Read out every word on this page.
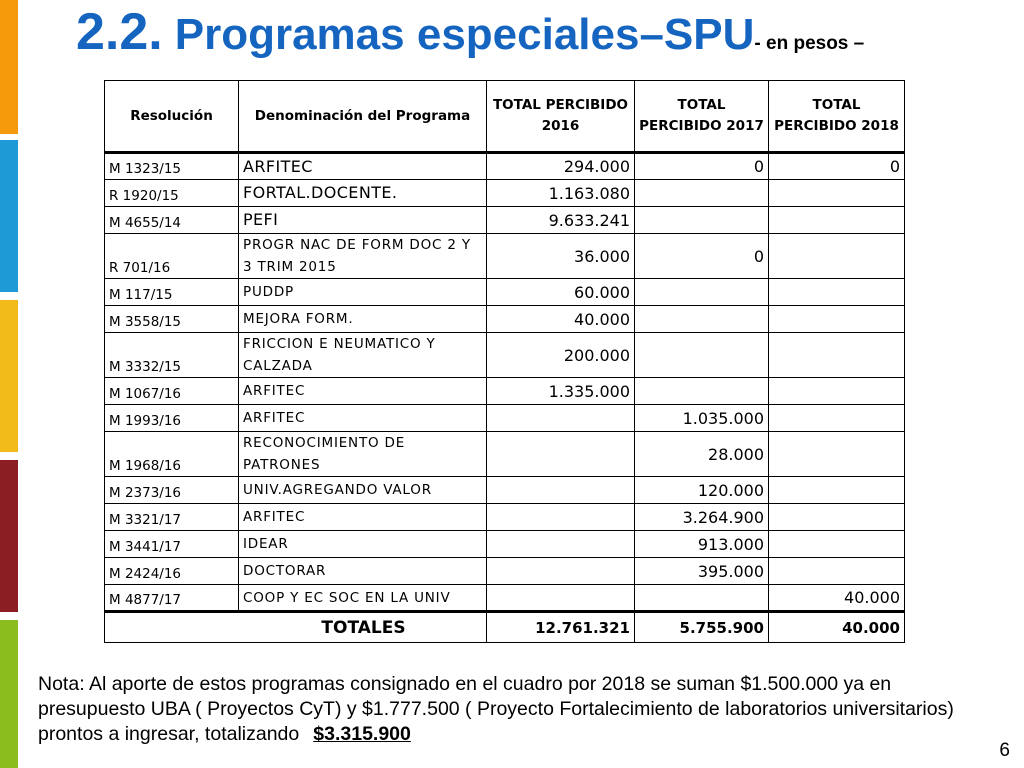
2.2. Programas especiales–SPU- en pesos –
Resolución	Denominación del Programa	TOTAL PERCIBIDO 2016	TOTAL PERCIBIDO 2017	TOTAL PERCIBIDO 2018
M 1323/15	ARFITEC	294.000	0	0
R 1920/15	FORTAL.DOCENTE.	1.163.080		
M 4655/14	PEFI	9.633.241		
R 701/16	PROGR NAC DE FORM DOC 2 Y 3 TRIM 2015	36.000	0	
M 117/15	PUDDP	60.000		
M 3558/15	MEJORA FORM.	40.000		
M 3332/15	FRICCION E NEUMATICO Y CALZADA	200.000		
M 1067/16	ARFITEC	1.335.000		
M 1993/16	ARFITEC		1.035.000	
M 1968/16	RECONOCIMIENTO DE PATRONES		28.000	
M 2373/16	UNIV.AGREGANDO VALOR		120.000	
M 3321/17	ARFITEC		3.264.900	
M 3441/17	IDEAR		913.000	
M 2424/16	DOCTORAR		395.000	
M 4877/17	COOP Y EC SOC EN LA UNIV			40.000
TOTALES		12.761.321	5.755.900	40.000
Nota: Al aporte de estos programas consignado en el cuadro por 2018 se suman $1.500.000 ya en presupuesto UBA ( Proyectos CyT) y $1.777.500 ( Proyecto Fortalecimiento de laboratorios universitarios) prontos a ingresar, totalizando $3.315.900
6
